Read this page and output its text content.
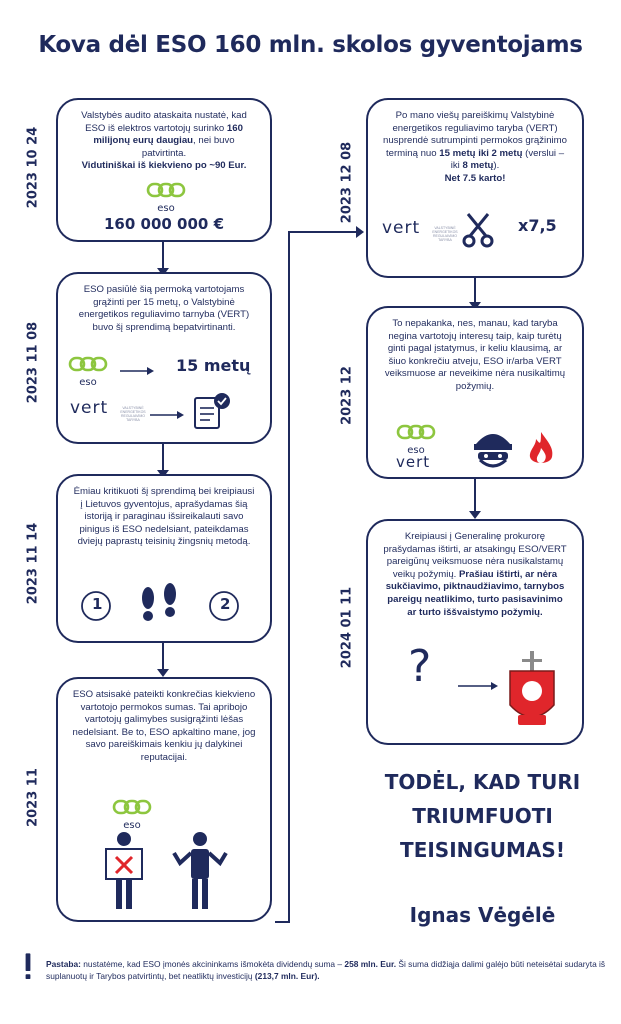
Kova dėl ESO 160 mln. skolos gyventojams
2023 10 24
Valstybės audito ataskaita nustatė, kad ESO iš elektros vartotojų surinko 160 milijonų eurų daugiau, nei buvo patvirtinta.
Vidutiniškai iš kiekvieno po ~90 Eur.
eso
160 000 000 €
2023 11 08
ESO pasiūlė šią permoką vartotojams grąžinti per 15 metų, o Valstybinė energetikos reguliavimo tarnyba (VERT) buvo šį sprendimą bepatvirtinanti.
eso
15 metų
vert	VALSTYBINĖ ENERGETIKOS REGULIAVIMO TARYBA
2023 11 14
Ėmiau kritikuoti šį sprendimą bei kreipiausi į Lietuvos gyventojus, aprašydamas šią istoriją ir paraginau išsireikalauti savo pinigus iš ESO nedelsiant, pateikdamas dviejų paprastų teisinių žingsnių metodą.
1	2
2023 11
ESO atsisakė pateikti konkrečias kiekvieno vartotojo permokos sumas. Tai apribojo vartotojų galimybes susigrąžinti lėšas nedelsiant. Be to, ESO apkaltino mane, jog savo pareiškimais kenkiu jų dalykinei reputacijai.
eso
2023 12 08
Po mano viešų pareiškimų Valstybinė energetikos reguliavimo taryba (VERT) nusprendė sutrumpinti permokos grąžinimo terminą nuo 15 metų iki 2 metų (verslui – iki 8 metų).
Net 7.5 karto!
vert	VALSTYBINĖ ENERGETIKOS REGULIAVIMO TARYBA
x7,5
2023 12
To nepakanka, nes, manau, kad taryba negina vartotojų interesų taip, kaip turėtų ginti pagal įstatymus, ir keliu klausimą, ar šiuo konkrečiu atveju, ESO ir/arba VERT veiksmuose ar neveikime nėra nusikaltimų požymių.
eso
vert
2024 01 11
Kreipiausi į Generalinę prokurorę prašydamas ištirti, ar atsakingų ESO/VERT pareigūnų veiksmuose nėra nusikalstamų veikų požymių. Prašiau ištirti, ar nėra sukčiavimo, piktnaudžiavimo, tarnybos pareigų neatlikimo, turto pasisavinimo ar turto iššvaistymo požymių.
?
TODĖL, KAD TURI
TRIUMFUOTI
TEISINGUMAS!
Ignas Vėgėlė
Pastaba: nustatėme, kad ESO įmonės akcininkams išmokėta dividendų suma – 258 mln. Eur. Ši suma didžiąja dalimi galėjo būti neteisėtai sudaryta iš suplanuotų ir Tarybos patvirtintų, bet neatliktų investicijų (213,7 mln. Eur).
